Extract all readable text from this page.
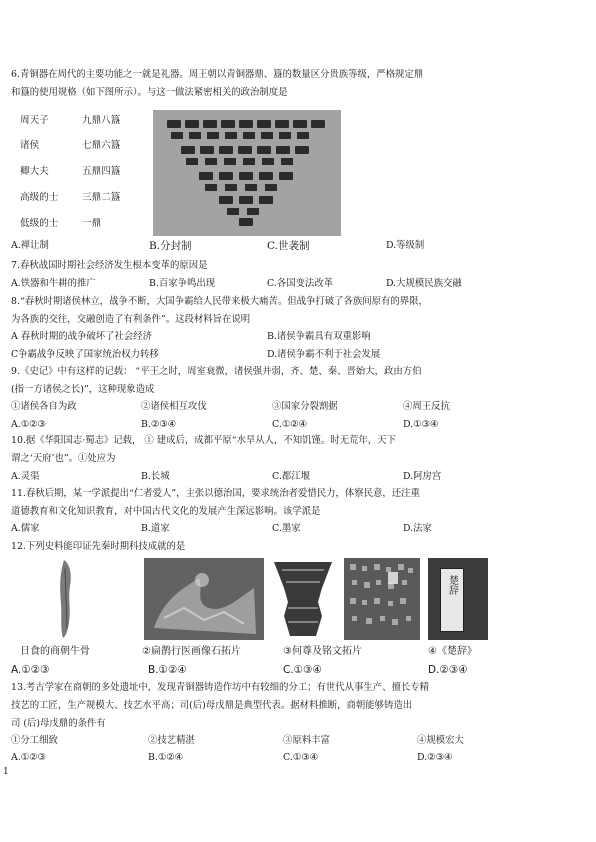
6.青铜器在周代的主要功能之一就是礼器。周王朝以青铜器鼎、簋的数量区分贵族等级，严格规定鼎
和簋的使用规格（如下图所示）。与这一做法紧密相关的政治制度是
周天子	九鼎八簋
诸侯	七鼎六簋
卿大夫	五鼎四簋
高级的士 三鼎二簋
低级的士 一鼎
A.禅让制	B.分封制	C.世袭制	D.等级制
7.春秋战国时期社会经济发生根本变革的原因是
A.铁器和牛耕的推广	B.百家争鸣出现	C.各国变法改革	D.大规模民族交融
8.“春秋时期诸侯林立，战争不断，大国争霸给人民带来极大痛苦。但战争打破了各族间原有的界限，
为各族的交往，交融创造了有利条件”。这段材料旨在说明
A 春秋时期的战争破坏了社会经济	B.诸侯争霸具有双重影响
C争霸战争反映了国家统治权力转移	D.诸侯争霸不利于社会发展
9.《史记》中有这样的记载： “平王之时，周室衰微，诸侯强并弱，齐、楚、秦、晋始大，政由方伯
(指一方诸侯之长)”，这种现象造成
①诸侯各自为政	②诸侯相互攻伐	③国家分裂割据	④周王反抗
A.①②③	B.②③④	C.①②④	D.①③④
10.据《华阳国志·蜀志》记载， ① 建成后，成都平原“水旱从人，不知饥馑。时无荒年，天下
谓之‘天府’也”。①处应为
A.灵渠	B.长城	C.都江堰	D.阿房宫
11.春秋后期，某一学派提出“仁者爱人”，主张以德治国，要求统治者爱惜民力，体察民意，还注重
道德教育和文化知识教育，对中国古代文化的发展产生深远影响。该学派是
A.儒家	B.道家	C.墨家	D.法家
12.下列史料能印证先秦时期科技成就的是
楚辞
日食的商朝牛骨	②扁鹊行医画像石拓片	③何尊及铭文拓片	④《楚辞》
A.①②③	B.①②④	C.①③④	D.②③④
13.考古学家在商朝的多处遗址中，发现青铜器铸造作坊中有较细的分工；有世代从事生产、擅长专精
技艺的工匠，生产规模大、技艺水平高；司(后)母戊鼎是典型代表。据材料推断，商朝能够铸造出
司 (后)母戊鼎的条件有
①分工细致	②技艺精湛	③原料丰富	④规模宏大
A.①②③	B.①②④	C.①③④	D.②③④
1
